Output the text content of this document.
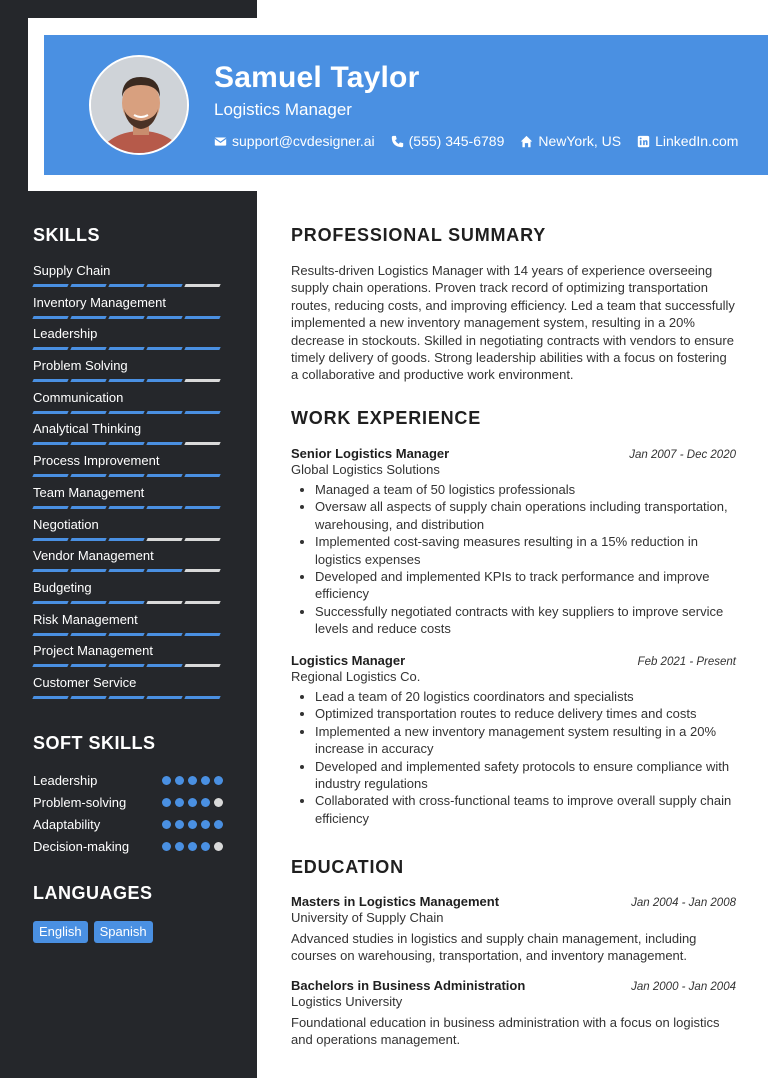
Samuel Taylor
Logistics Manager
support@cvdesigner.ai (555) 345-6789 NewYork, US LinkedIn.com
SKILLS
Supply Chain
Inventory Management
Leadership
Problem Solving
Communication
Analytical Thinking
Process Improvement
Team Management
Negotiation
Vendor Management
Budgeting
Risk Management
Project Management
Customer Service
SOFT SKILLS
Leadership
Problem-solving
Adaptability
Decision-making
LANGUAGES
English	Spanish
PROFESSIONAL SUMMARY
Results-driven Logistics Manager with 14 years of experience overseeing supply chain operations. Proven track record of optimizing transportation routes, reducing costs, and improving efficiency. Led a team that successfully implemented a new inventory management system, resulting in a 20% decrease in stockouts. Skilled in negotiating contracts with vendors to ensure timely delivery of goods. Strong leadership abilities with a focus on fostering a collaborative and productive work environment.
WORK EXPERIENCE
Senior Logistics Manager	Jan 2007 - Dec 2020
Global Logistics Solutions
• Managed a team of 50 logistics professionals
• Oversaw all aspects of supply chain operations including transportation, warehousing, and distribution
• Implemented cost-saving measures resulting in a 15% reduction in logistics expenses
• Developed and implemented KPIs to track performance and improve efficiency
• Successfully negotiated contracts with key suppliers to improve service levels and reduce costs
Logistics Manager	Feb 2021 - Present
Regional Logistics Co.
• Lead a team of 20 logistics coordinators and specialists
• Optimized transportation routes to reduce delivery times and costs
• Implemented a new inventory management system resulting in a 20% increase in accuracy
• Developed and implemented safety protocols to ensure compliance with industry regulations
• Collaborated with cross-functional teams to improve overall supply chain efficiency
EDUCATION
Masters in Logistics Management	Jan 2004 - Jan 2008
University of Supply Chain
Advanced studies in logistics and supply chain management, including courses on warehousing, transportation, and inventory management.
Bachelors in Business Administration	Jan 2000 - Jan 2004
Logistics University
Foundational education in business administration with a focus on logistics and operations management.
